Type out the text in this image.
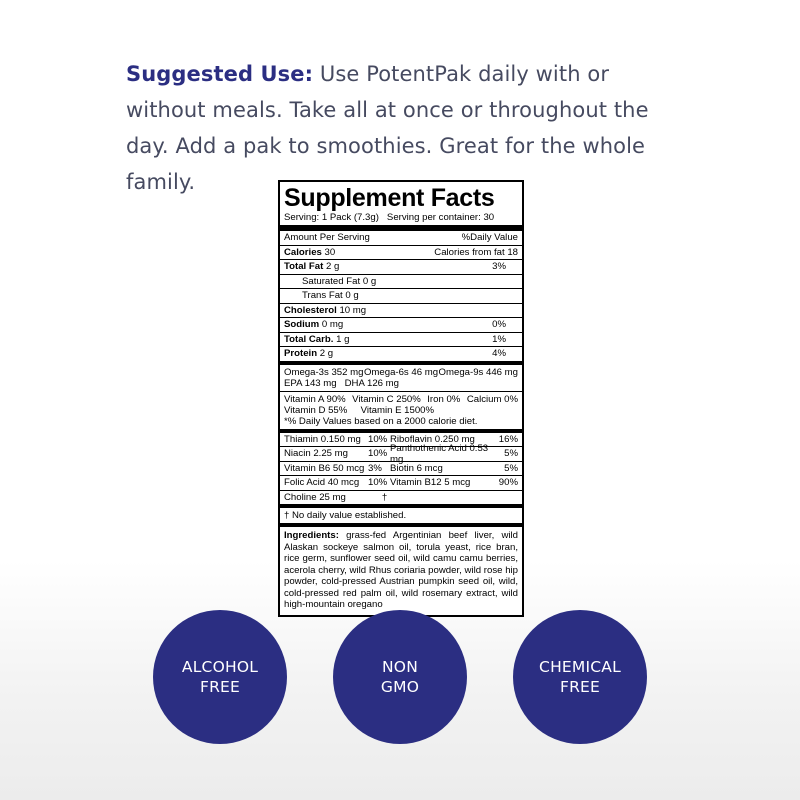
Suggested Use: Use PotentPak daily with or without meals. Take all at once or throughout the day. Add a pak to smoothies. Great for the whole family.

Supplement Facts
Serving: 1 Pack (7.3g) Serving per container: 30
Amount Per Serving	%Daily Value
Calories 30	Calories from fat 18
Total Fat 2 g	3%
Saturated Fat 0 g
Trans Fat 0 g
Cholesterol 10 mg
Sodium 0 mg	0%
Total Carb. 1 g	1%
Protein 2 g	4%
Omega-3s 352 mg Omega-6s 46 mg Omega-9s 446 mg
EPA 143 mg   DHA 126 mg
Vitamin A 90% Vitamin C 250% Iron 0% Calcium 0%
Vitamin D 55%     Vitamin E 1500%
*% Daily Values based on a 2000 calorie diet.
Thiamin 0.150 mg 10% Riboflavin 0.250 mg	16%
Niacin 2.25 mg	10% Panthothenic Acid 0.53 mg	5%
Vitamin B6 50 mcg 3% Biotin 6 mcg	5%
Folic Acid 40 mcg 10% Vitamin B12 5 mcg	90%
Choline 25 mg	†
† No daily value established.
Ingredients: grass-fed Argentinian beef liver, wild Alaskan sockeye salmon oil, torula yeast, rice bran, rice germ, sunflower seed oil, wild camu camu berries, acerola cherry, wild Rhus coriaria powder, wild rose hip powder, cold-pressed Austrian pumpkin seed oil, wild, cold-pressed red palm oil, wild rosemary extract, wild high-mountain oregano
ALCOHOL
FREE
NON
GMO
CHEMICAL
FREE
